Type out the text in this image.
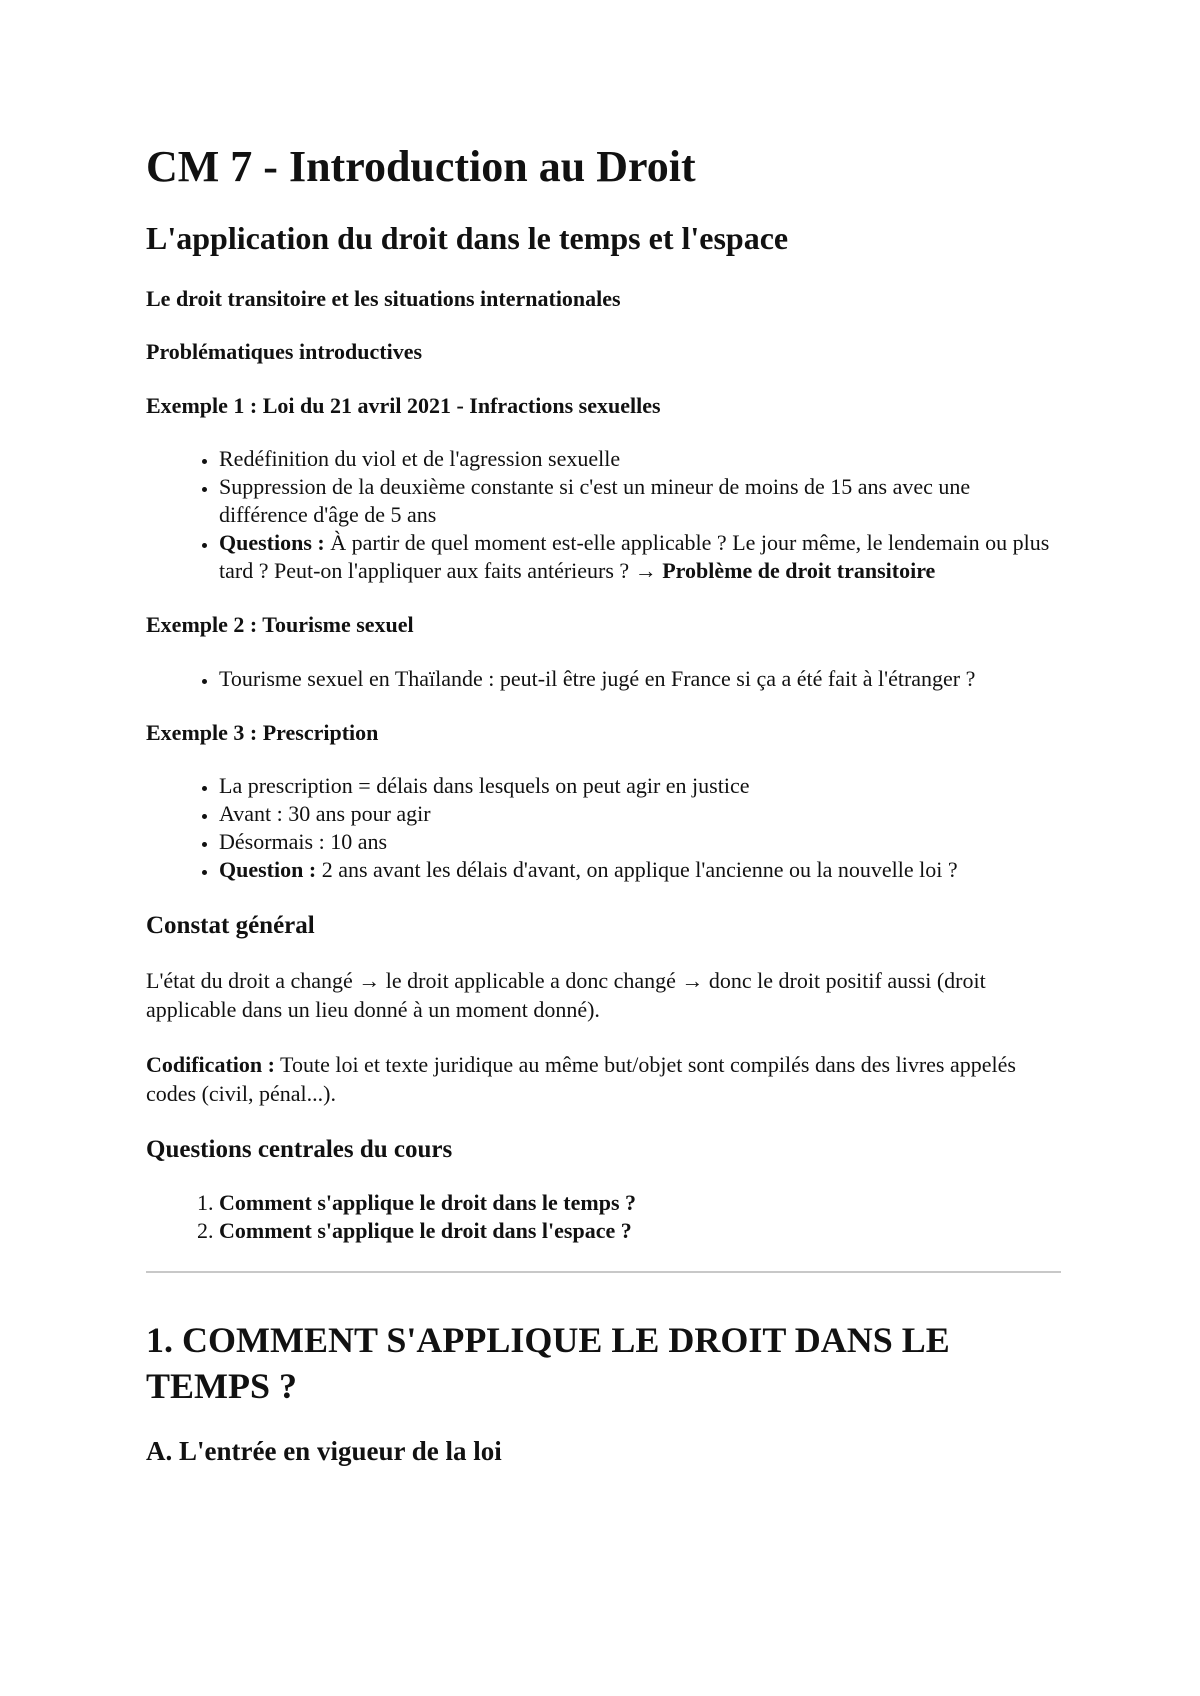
CM 7 - Introduction au Droit
L'application du droit dans le temps et l'espace
Le droit transitoire et les situations internationales
Problématiques introductives
Exemple 1 : Loi du 21 avril 2021 - Infractions sexuelles
• Redéfinition du viol et de l'agression sexuelle
• Suppression de la deuxième constante si c'est un mineur de moins de 15 ans avec une différence d'âge de 5 ans
• Questions : À partir de quel moment est-elle applicable ? Le jour même, le lendemain ou plus tard ? Peut-on l'appliquer aux faits antérieurs ? → Problème de droit transitoire
Exemple 2 : Tourisme sexuel
• Tourisme sexuel en Thaïlande : peut-il être jugé en France si ça a été fait à l'étranger ?
Exemple 3 : Prescription
• La prescription = délais dans lesquels on peut agir en justice
• Avant : 30 ans pour agir
• Désormais : 10 ans
• Question : 2 ans avant les délais d'avant, on applique l'ancienne ou la nouvelle loi ?
Constat général

L'état du droit a changé → le droit applicable a donc changé → donc le droit positif aussi (droit applicable dans un lieu donné à un moment donné).

Codification : Toute loi et texte juridique au même but/objet sont compilés dans des livres appelés codes (civil, pénal...).

Questions centrales du cours
1. Comment s'applique le droit dans le temps ?
2. Comment s'applique le droit dans l'espace ?
1. COMMENT S'APPLIQUE LE DROIT DANS LE TEMPS ?
A. L'entrée en vigueur de la loi
